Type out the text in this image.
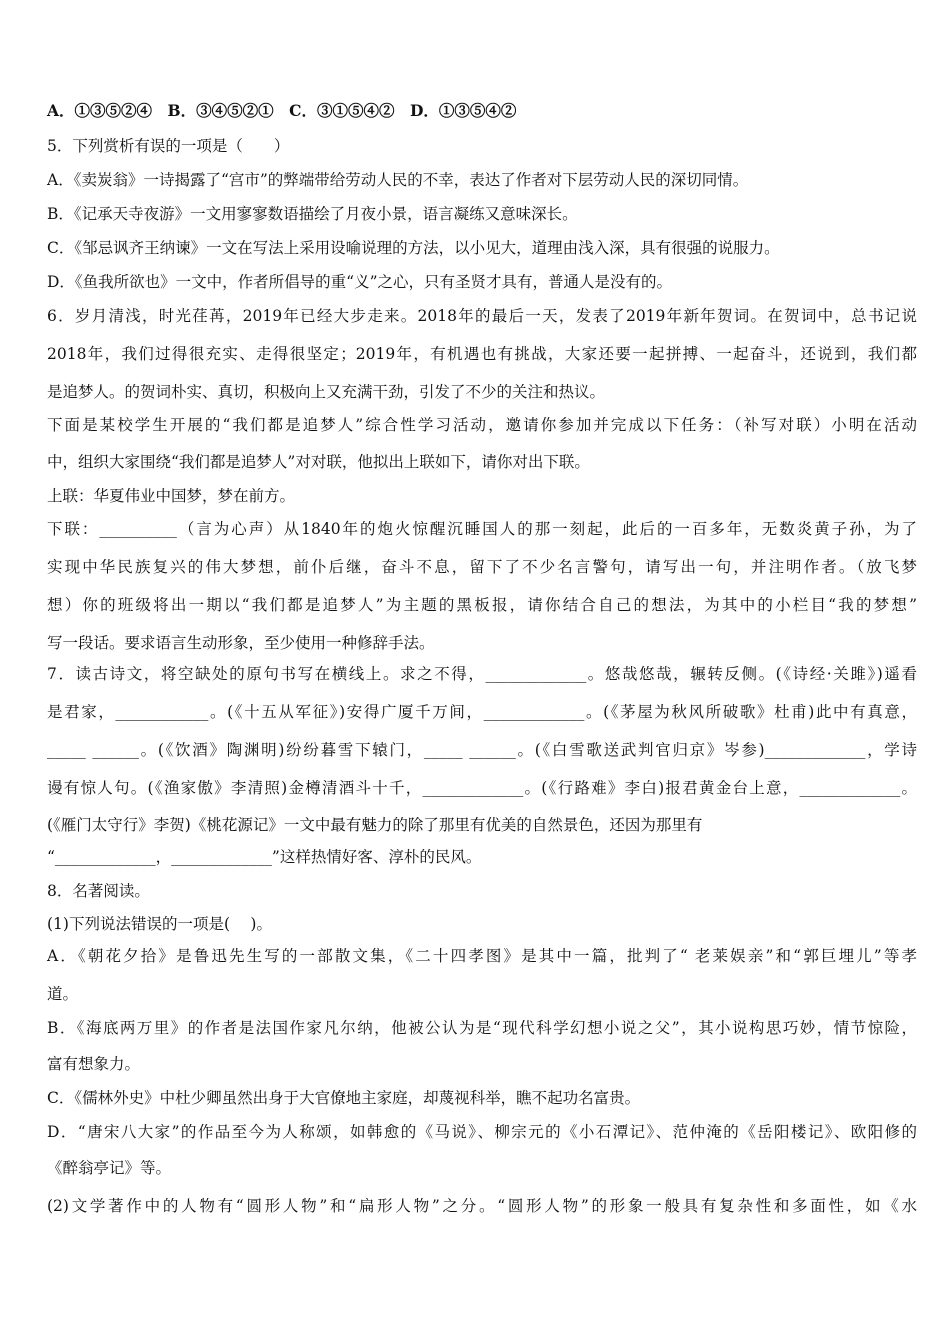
A．①③⑤②④　B．③④⑤②①　C．③①⑤④②　D．①③⑤④②
5．下列赏析有误的一项是（　　）
A．《卖炭翁》一诗揭露了“宫市”的弊端带给劳动人民的不幸，表达了作者对下层劳动人民的深切同情。
B．《记承天寺夜游》一文用寥寥数语描绘了月夜小景，语言凝练又意味深长。
C．《邹忌讽齐王纳谏》一文在写法上采用设喻说理的方法，以小见大，道理由浅入深，具有很强的说服力。
D．《鱼我所欲也》一文中，作者所倡导的重“义”之心，只有圣贤才具有，普通人是没有的。
6．岁月清浅，时光荏苒，2019年已经大步走来。2018年的最后一天，发表了2019年新年贺词。在贺词中，总书记说
2018年，我们过得很充实、走得很坚定；2019年，有机遇也有挑战，大家还要一起拼搏、一起奋斗，还说到，我们都
是追梦人。的贺词朴实、真切，积极向上又充满干劲，引发了不少的关注和热议。
下面是某校学生开展的“我们都是追梦人”综合性学习活动，邀请你参加并完成以下任务：（补写对联）小明在活动
中，组织大家围绕“我们都是追梦人”对对联，他拟出上联如下，请你对出下联。
上联：华夏伟业中国梦，梦在前方。
下联：__________（言为心声）从1840年的炮火惊醒沉睡国人的那一刻起，此后的一百多年，无数炎黄子孙，为了
实现中华民族复兴的伟大梦想，前仆后继，奋斗不息，留下了不少名言警句，请写出一句，并注明作者。（放飞梦
想）你的班级将出一期以“我们都是追梦人”为主题的黑板报，请你结合自己的想法，为其中的小栏目“我的梦想”
写一段话。要求语言生动形象，至少使用一种修辞手法。
7．读古诗文，将空缺处的原句书写在横线上。求之不得，_____________。悠哉悠哉，辗转反侧。(《诗经·关雎》)遥看
是君家，____________。(《十五从军征》)安得广厦千万间，_____________。(《茅屋为秋风所破歌》杜甫)此中有真意，
_____ ______。(《饮酒》陶渊明)纷纷暮雪下辕门，_____ ______。(《白雪歌送武判官归京》岑参)_____________，学诗
谩有惊人句。(《渔家傲》李清照)金樽清酒斗十千，_____________。(《行路难》李白)报君黄金台上意，_____________。
(《雁门太守行》李贺)《桃花源记》一文中最有魅力的除了那里有优美的自然景色，还因为那里有
“_____________，_____________”这样热情好客、淳朴的民风。
8．名著阅读。
(1)下列说法错误的一项是(　 )。
A．《朝花夕拾》是鲁迅先生写的一部散文集，《二十四孝图》是其中一篇，批判了“ 老莱娱亲”和“郭巨埋儿”等孝
道。
B．《海底两万里》的作者是法国作家凡尔纳，他被公认为是“现代科学幻想小说之父”，其小说构思巧妙，情节惊险，
富有想象力。
C．《儒林外史》中杜少卿虽然出身于大官僚地主家庭，却蔑视科举，瞧不起功名富贵。
D．“唐宋八大家”的作品至今为人称颂，如韩愈的《马说》、柳宗元的《小石潭记》、范仲淹的《岳阳楼记》、欧阳修的
《醉翁亭记》等。
(2)文学著作中的人物有“圆形人物”和“扁形人物”之分。“圆形人物”的形象一般具有复杂性和多面性，如《水
